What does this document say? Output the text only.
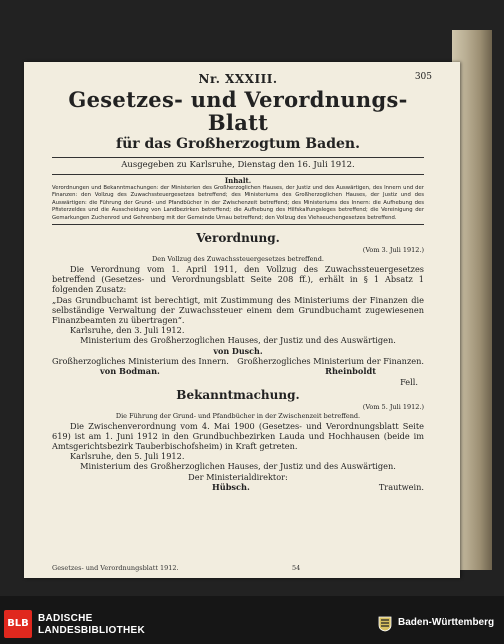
Nr. XXXIII.	305
Gesetzes- und Verordnungs-Blatt
für das Großherzogtum Baden.
Ausgegeben zu Karlsruhe, Dienstag den 16. Juli 1912.
Inhalt.
Verordnungen und Bekanntmachungen: der Ministerien des Großherzoglichen Hauses, der Justiz und des Auswärtigen, des Innern und der Finanzen: den Vollzug des Zuwachssteuergesetzes betreffend; des Ministeriums des Großherzoglichen Hauses, der Justiz und des Auswärtigen: die Führung der Grund- und Pfandbücher in der Zwischenzeit betreffend; des Ministeriums des Innern: die Aufhebung des Pfisterzeldes und die Ausscheidung von Landbezirken betreffend; die Aufhebung des Hilfskalfungsleges betreffend; die Vereinigung der Gemarkungen Zuchenrod und Gehrenberg mit der Gemeinde Urnau betreffend; den Vollzug des Viehseuchengesetzes betreffend.
Verordnung.
(Vom 3. Juli 1912.)
Den Vollzug des Zuwachssteuergesetzes betreffend.
Die Verordnung vom 1. April 1911, den Vollzug des Zuwachssteuergesetzes betreffend (Gesetzes- und Verordnungsblatt Seite 208 ff.), erhält in § 1 Absatz 1 folgenden Zusatz:
„Das Grundbuchamt ist berechtigt, mit Zustimmung des Ministeriums der Finanzen die selbständige Verwaltung der Zuwachssteuer einem dem Grundbuchamt zugewiesenen Finanzbeamten zu übertragen“.
Karlsruhe, den 3. Juli 1912.
Ministerium des Großherzoglichen Hauses, der Justiz und des Auswärtigen.
von Dusch.
Großherzogliches Ministerium des Innern. Großherzogliches Ministerium der Finanzen.
von Bodman.	Rheinboldt
Fell.
Bekanntmachung.
(Vom 5. Juli 1912.)
Die Führung der Grund- und Pfandbücher in der Zwischenzeit betreffend.
Die Zwischenverordnung vom 4. Mai 1900 (Gesetzes- und Verordnungsblatt Seite 619) ist am 1. Juni 1912 in den Grundbuchbezirken Lauda und Hochhausen (beide im Amtsgerichtsbezirk Tauberbischofsheim) in Kraft getreten.
Karlsruhe, den 5. Juli 1912.
Ministerium des Großherzoglichen Hauses, der Justiz und des Auswärtigen.
Der Ministerialdirektor:
Hübsch.	Trautwein.
Gesetzes- und Verordnungsblatt 1912.	54
BLB BADISCHE
LANDESBIBLIOTHEK
Baden-Württemberg
